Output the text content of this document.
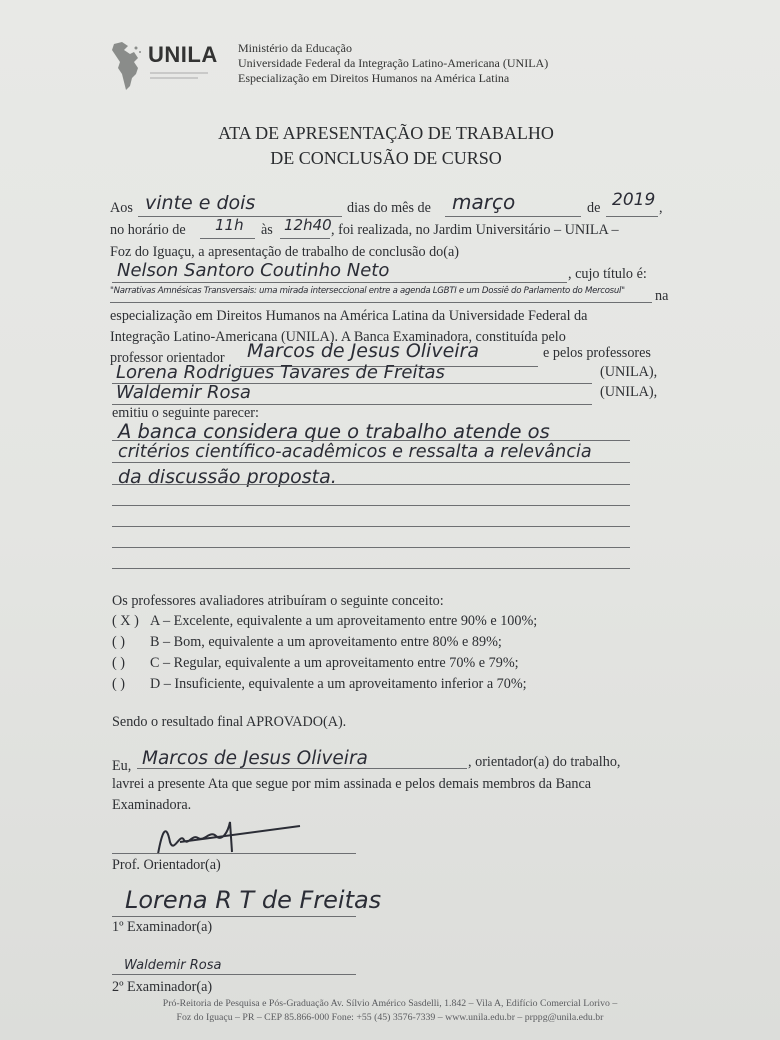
UNILA Ministério da Educação
Universidade Federal da Integração Latino-Americana (UNILA)
Especialização em Direitos Humanos na América Latina
ATA DE APRESENTAÇÃO DE TRABALHO
DE CONCLUSÃO DE CURSO
Aos vinte e dois	dias do mês de março	de 2019 ,
no horário de 11h às 12h40 , foi realizada, no Jardim Universitário – UNILA –
Foz do Iguaçu, a apresentação de trabalho de conclusão do(a)
Nelson Santoro Coutinho Neto	, cujo título é:
"Narrativas Amnésicas Transversais: uma mirada interseccional entre a agenda LGBTI e um Dossiê do Parlamento do Mercosul" na
especialização em Direitos Humanos na América Latina da Universidade Federal da
Integração Latino-Americana (UNILA). A Banca Examinadora, constituída pelo
professor orientador Marcos de Jesus Oliveira	e pelos professores
Lorena Rodrigues Tavares de Freitas	(UNILA),
Waldemir Rosa	(UNILA),
emitiu o seguinte parecer:
A banca considera que o trabalho atende os
critérios científico-acadêmicos e ressalta a relevância
da discussão proposta.
Os professores avaliadores atribuíram o seguinte conceito:
( X ) A – Excelente, equivalente a um aproveitamento entre 90% e 100%;
( ) B – Bom, equivalente a um aproveitamento entre 80% e 89%;
( ) C – Regular, equivalente a um aproveitamento entre 70% e 79%;
( ) D – Insuficiente, equivalente a um aproveitamento inferior a 70%;
Sendo o resultado final APROVADO(A).
Eu, Marcos de Jesus Oliveira	, orientador(a) do trabalho,
lavrei a presente Ata que segue por mim assinada e pelos demais membros da Banca
Examinadora.
Prof. Orientador(a)
Lorena R T de Freitas
1º Examinador(a)
Waldemir Rosa
2º Examinador(a)
Pró-Reitoria de Pesquisa e Pós-Graduação Av. Sílvio Américo Sasdelli, 1.842 – Vila A, Edifício Comercial Lorivo –
Foz do Iguaçu – PR – CEP 85.866-000 Fone: +55 (45) 3576-7339 – www.unila.edu.br – prppg@unila.edu.br
